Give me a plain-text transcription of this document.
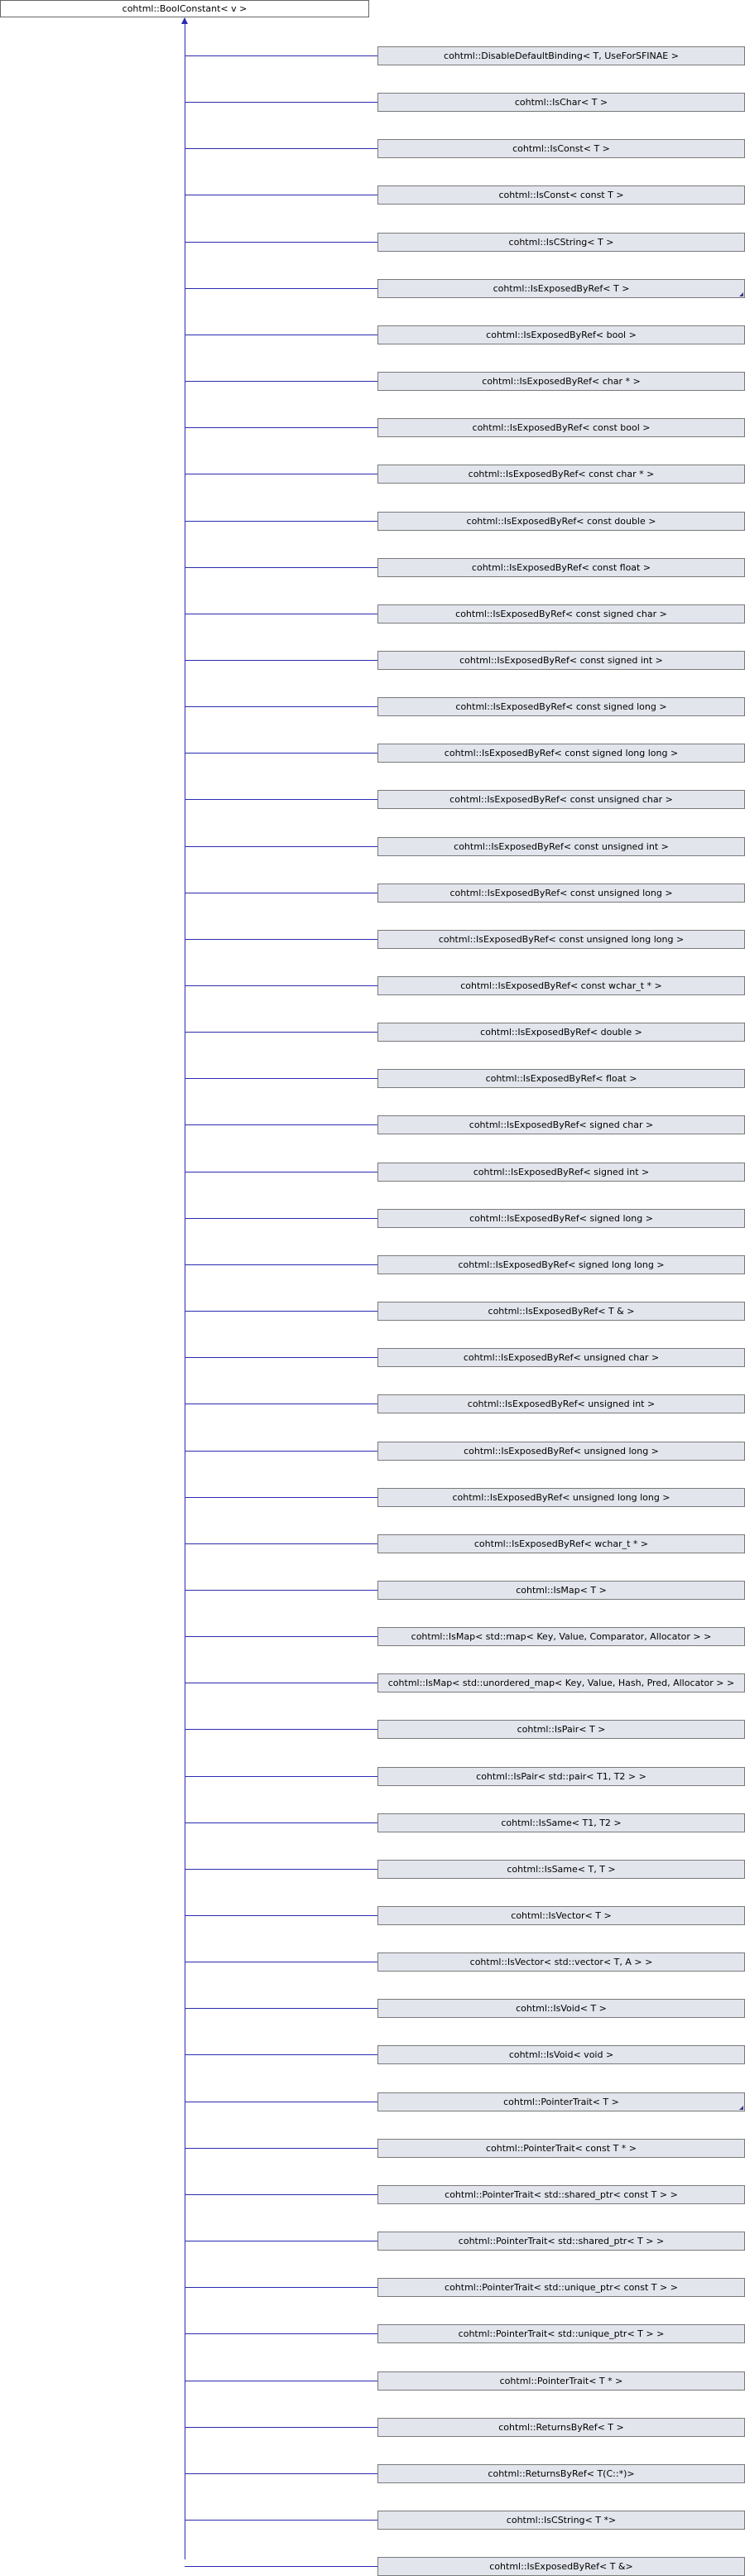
cohtml::BoolConstant< v >
cohtml::DisableDefaultBinding< T, UseForSFINAE >
cohtml::IsChar< T >
cohtml::IsConst< T >
cohtml::IsConst< const T >
cohtml::IsCString< T >
cohtml::IsExposedByRef< T >
cohtml::IsExposedByRef< bool >
cohtml::IsExposedByRef< char * >
cohtml::IsExposedByRef< const bool >
cohtml::IsExposedByRef< const char * >
cohtml::IsExposedByRef< const double >
cohtml::IsExposedByRef< const float >
cohtml::IsExposedByRef< const signed char >
cohtml::IsExposedByRef< const signed int >
cohtml::IsExposedByRef< const signed long >
cohtml::IsExposedByRef< const signed long long >
cohtml::IsExposedByRef< const unsigned char >
cohtml::IsExposedByRef< const unsigned int >
cohtml::IsExposedByRef< const unsigned long >
cohtml::IsExposedByRef< const unsigned long long >
cohtml::IsExposedByRef< const wchar_t * >
cohtml::IsExposedByRef< double >
cohtml::IsExposedByRef< float >
cohtml::IsExposedByRef< signed char >
cohtml::IsExposedByRef< signed int >
cohtml::IsExposedByRef< signed long >
cohtml::IsExposedByRef< signed long long >
cohtml::IsExposedByRef< T & >
cohtml::IsExposedByRef< unsigned char >
cohtml::IsExposedByRef< unsigned int >
cohtml::IsExposedByRef< unsigned long >
cohtml::IsExposedByRef< unsigned long long >
cohtml::IsExposedByRef< wchar_t * >
cohtml::IsMap< T >
cohtml::IsMap< std::map< Key, Value, Comparator, Allocator > >
cohtml::IsMap< std::unordered_map< Key, Value, Hash, Pred, Allocator > >
cohtml::IsPair< T >
cohtml::IsPair< std::pair< T1, T2 > >
cohtml::IsSame< T1, T2 >
cohtml::IsSame< T, T >
cohtml::IsVector< T >
cohtml::IsVector< std::vector< T, A > >
cohtml::IsVoid< T >
cohtml::IsVoid< void >
cohtml::PointerTrait< T >
cohtml::PointerTrait< const T * >
cohtml::PointerTrait< std::shared_ptr< const T > >
cohtml::PointerTrait< std::shared_ptr< T > >
cohtml::PointerTrait< std::unique_ptr< const T > >
cohtml::PointerTrait< std::unique_ptr< T > >
cohtml::PointerTrait< T * >
cohtml::ReturnsByRef< T >
cohtml::ReturnsByRef< T(C::*)>
cohtml::IsCString< T *>
cohtml::IsExposedByRef< T &>
